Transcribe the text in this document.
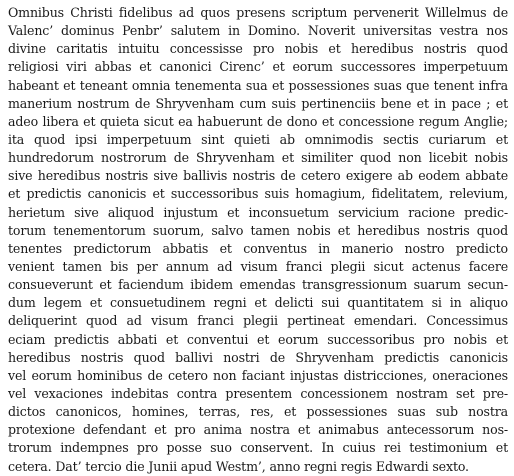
Omnibus Christi fidelibus ad quos presens scriptum pervenerit Willelmus de
Valenc’ dominus Penbr’ salutem in Domino. Noverit universitas vestra nos
divine caritatis intuitu concessisse pro nobis et heredibus nostris quod
religiosi viri abbas et canonici Cirenc’ et eorum successores imperpetuum
habeant et teneant omnia tenementa sua et possessiones suas que tenent infra
manerium nostrum de Shryvenham cum suis pertinenciis bene et in pace ; et
adeo libera et quieta sicut ea habuerunt de dono et concessione regum Anglie;
ita quod ipsi imperpetuum sint quieti ab omnimodis sectis curiarum et
hundredorum nostrorum de Shryvenham et similiter quod non licebit nobis
sive heredibus nostris sive ballivis nostris de cetero exigere ab eodem abbate
et predictis canonicis et successoribus suis homagium, fidelitatem, relevium,
herietum sive aliquod injustum et inconsuetum servicium racione predic-
torum tenementorum suorum, salvo tamen nobis et heredibus nostris quod
tenentes predictorum abbatis et conventus in manerio nostro predicto
venient tamen bis per annum ad visum franci plegii sicut actenus facere
consueverunt et faciendum ibidem emendas transgressionum suarum secun-
dum legem et consuetudinem regni et delicti sui quantitatem si in aliquo
deliquerint quod ad visum franci plegii pertineat emendari. Concessimus
eciam predictis abbati et conventui et eorum successoribus pro nobis et
heredibus nostris quod ballivi nostri de Shryvenham predictis canonicis
vel eorum hominibus de cetero non faciant injustas districciones, oneraciones
vel vexaciones indebitas contra presentem concessionem nostram set pre-
dictos canonicos, homines, terras, res, et possessiones suas sub nostra
protexione defendant et pro anima nostra et animabus antecessorum nos-
trorum indempnes pro posse suo conservent. In cuius rei testimonium et
cetera. Dat’ tercio die Junii apud Westm’, anno regni regis Edwardi sexto.
